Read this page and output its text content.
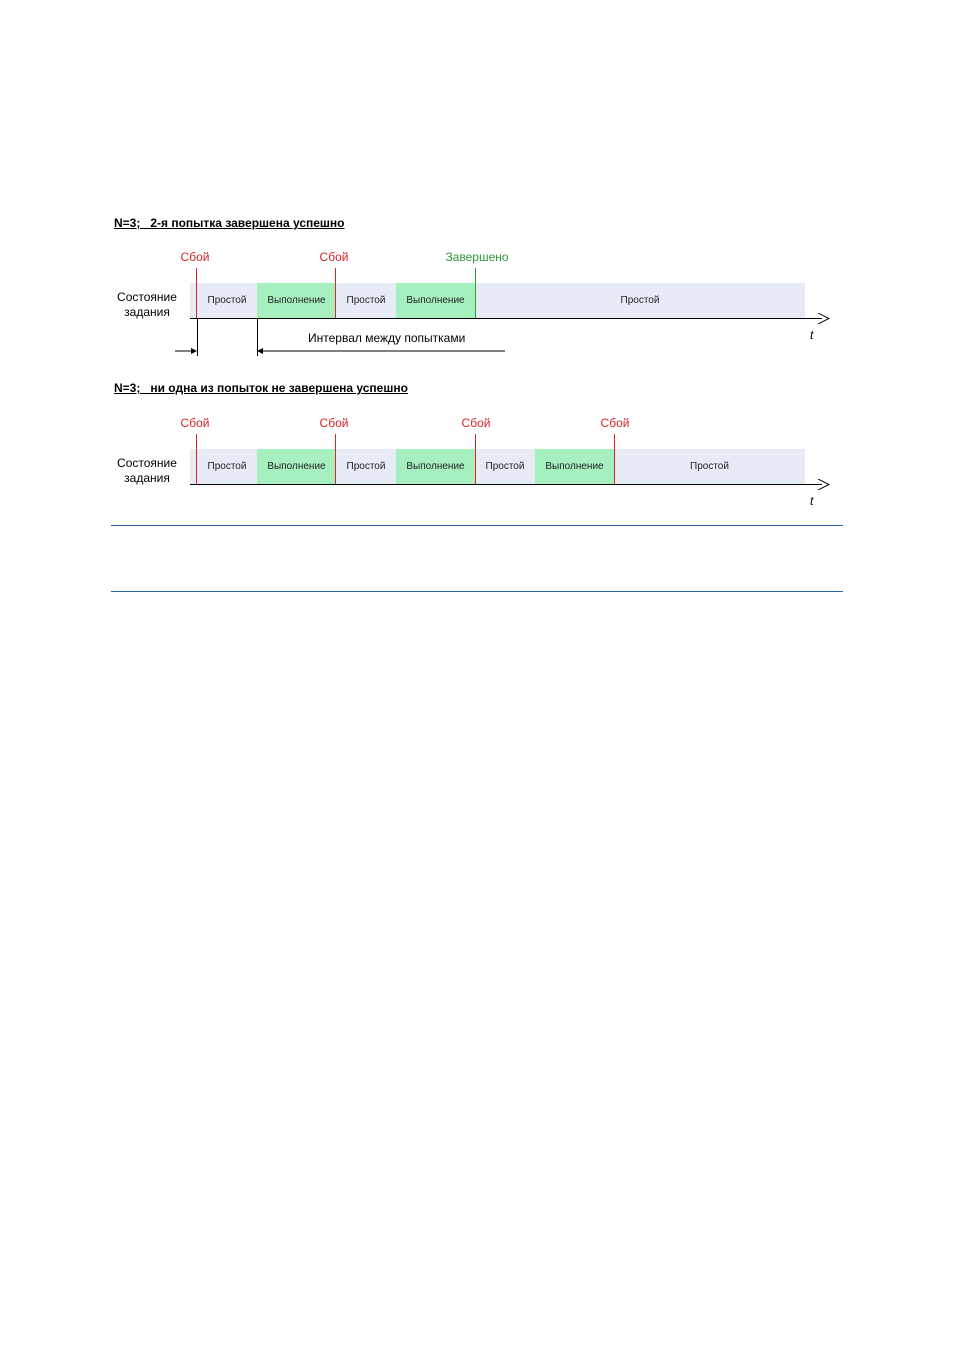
N=3;   2-я попытка завершена успешно
Сбой	Сбой	Завершено
Состояние
задания
Простой	Выполнение	Простой	Выполнение	Простой
t
Интервал между попытками
N=3;   ни одна из попыток не завершена успешно
Сбой	Сбой	Сбой	Сбой
Состояние
задания
Простой	Выполнение	Простой	Выполнение	Простой	Выполнение	Простой
t
